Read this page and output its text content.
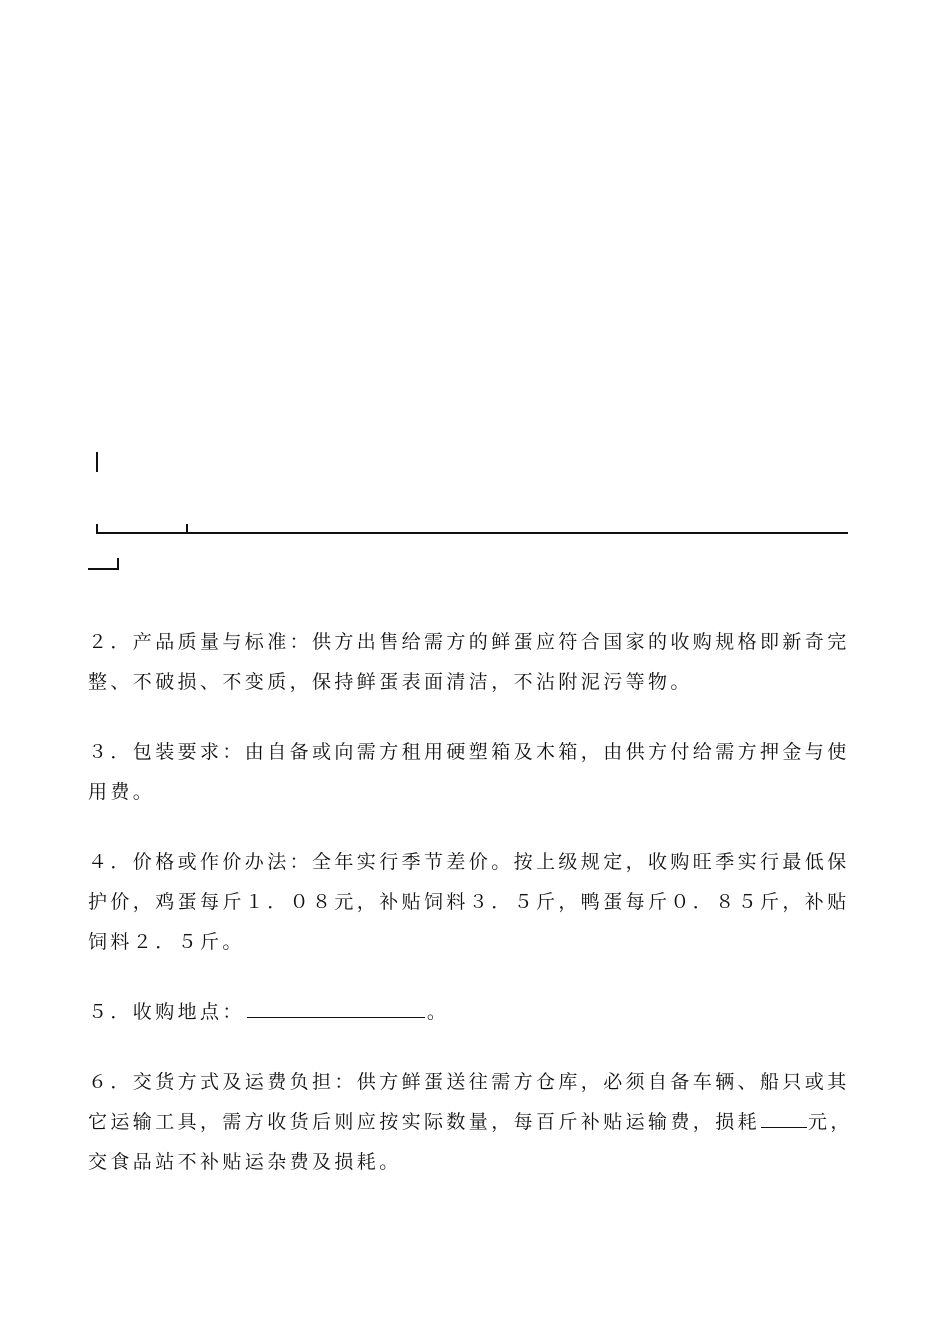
２．产品质量与标准：供方出售给需方的鲜蛋应符合国家的收购规格即新奇完整、不破损、不变质，保持鲜蛋表面清洁，不沾附泥污等物。

３．包装要求：由自备或向需方租用硬塑箱及木箱，由供方付给需方押金与使用费。

４．价格或作价办法：全年实行季节差价。按上级规定，收购旺季实行最低保护价，鸡蛋每斤１．０８元，补贴饲料３．５斤，鸭蛋每斤０．８５斤，补贴饲料２．５斤。

５．收购地点：	。

６．交货方式及运费负担：供方鲜蛋送往需方仓库，必须自备车辆、船只或其它运输工具，需方收货后则应按实际数量，每百斤补贴运输费，损耗	元，交食品站不补贴运杂费及损耗。
